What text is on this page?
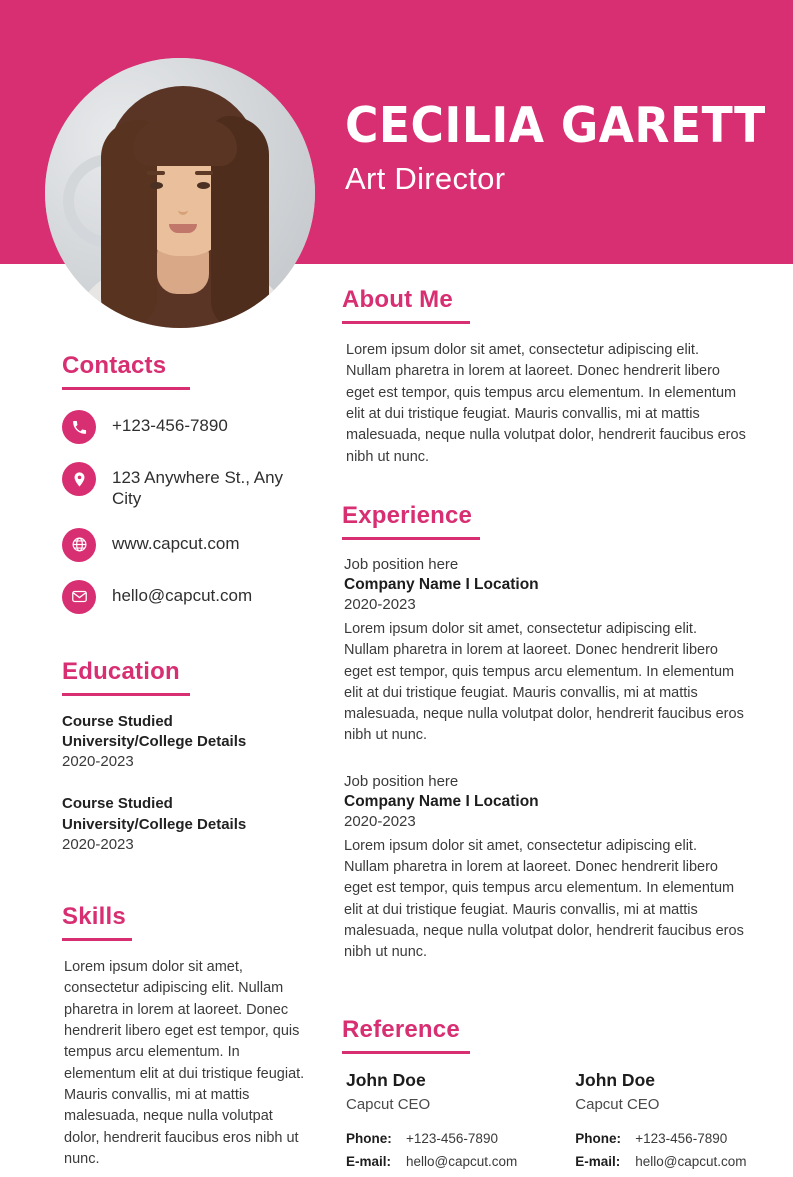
CECILIA GARETT
Art Director
Contacts
+123-456-7890
123 Anywhere St., Any City
www.capcut.com
hello@capcut.com
Education
Course Studied
University/College Details
2020-2023
Course Studied
University/College Details
2020-2023
Skills

Lorem ipsum dolor sit amet, consectetur adipiscing elit. Nullam pharetra in lorem at laoreet. Donec hendrerit libero eget est tempor, quis tempus arcu elementum. In elementum elit at dui tristique feugiat. Mauris convallis, mi at mattis malesuada, neque nulla volutpat dolor, hendrerit faucibus eros nibh ut nunc.

About Me

Lorem ipsum dolor sit amet, consectetur adipiscing elit. Nullam pharetra in lorem at laoreet. Donec hendrerit libero eget est tempor, quis tempus arcu elementum. In elementum elit at dui tristique feugiat. Mauris convallis, mi at mattis malesuada, neque nulla volutpat dolor, hendrerit faucibus eros nibh ut nunc.

Experience
Job position here
Company Name I Location
2020-2023

Lorem ipsum dolor sit amet, consectetur adipiscing elit. Nullam pharetra in lorem at laoreet. Donec hendrerit libero eget est tempor, quis tempus arcu elementum. In elementum elit at dui tristique feugiat. Mauris convallis, mi at mattis malesuada, neque nulla volutpat dolor, hendrerit faucibus eros nibh ut nunc.

Job position here
Company Name I Location
2020-2023

Lorem ipsum dolor sit amet, consectetur adipiscing elit. Nullam pharetra in lorem at laoreet. Donec hendrerit libero eget est tempor, quis tempus arcu elementum. In elementum elit at dui tristique feugiat. Mauris convallis, mi at mattis malesuada, neque nulla volutpat dolor, hendrerit faucibus eros nibh ut nunc.

Reference
John Doe
Capcut CEO
Phone:	+123-456-7890
E-mail:	hello@capcut.com
John Doe
Capcut CEO
Phone:	+123-456-7890
E-mail:	hello@capcut.com
